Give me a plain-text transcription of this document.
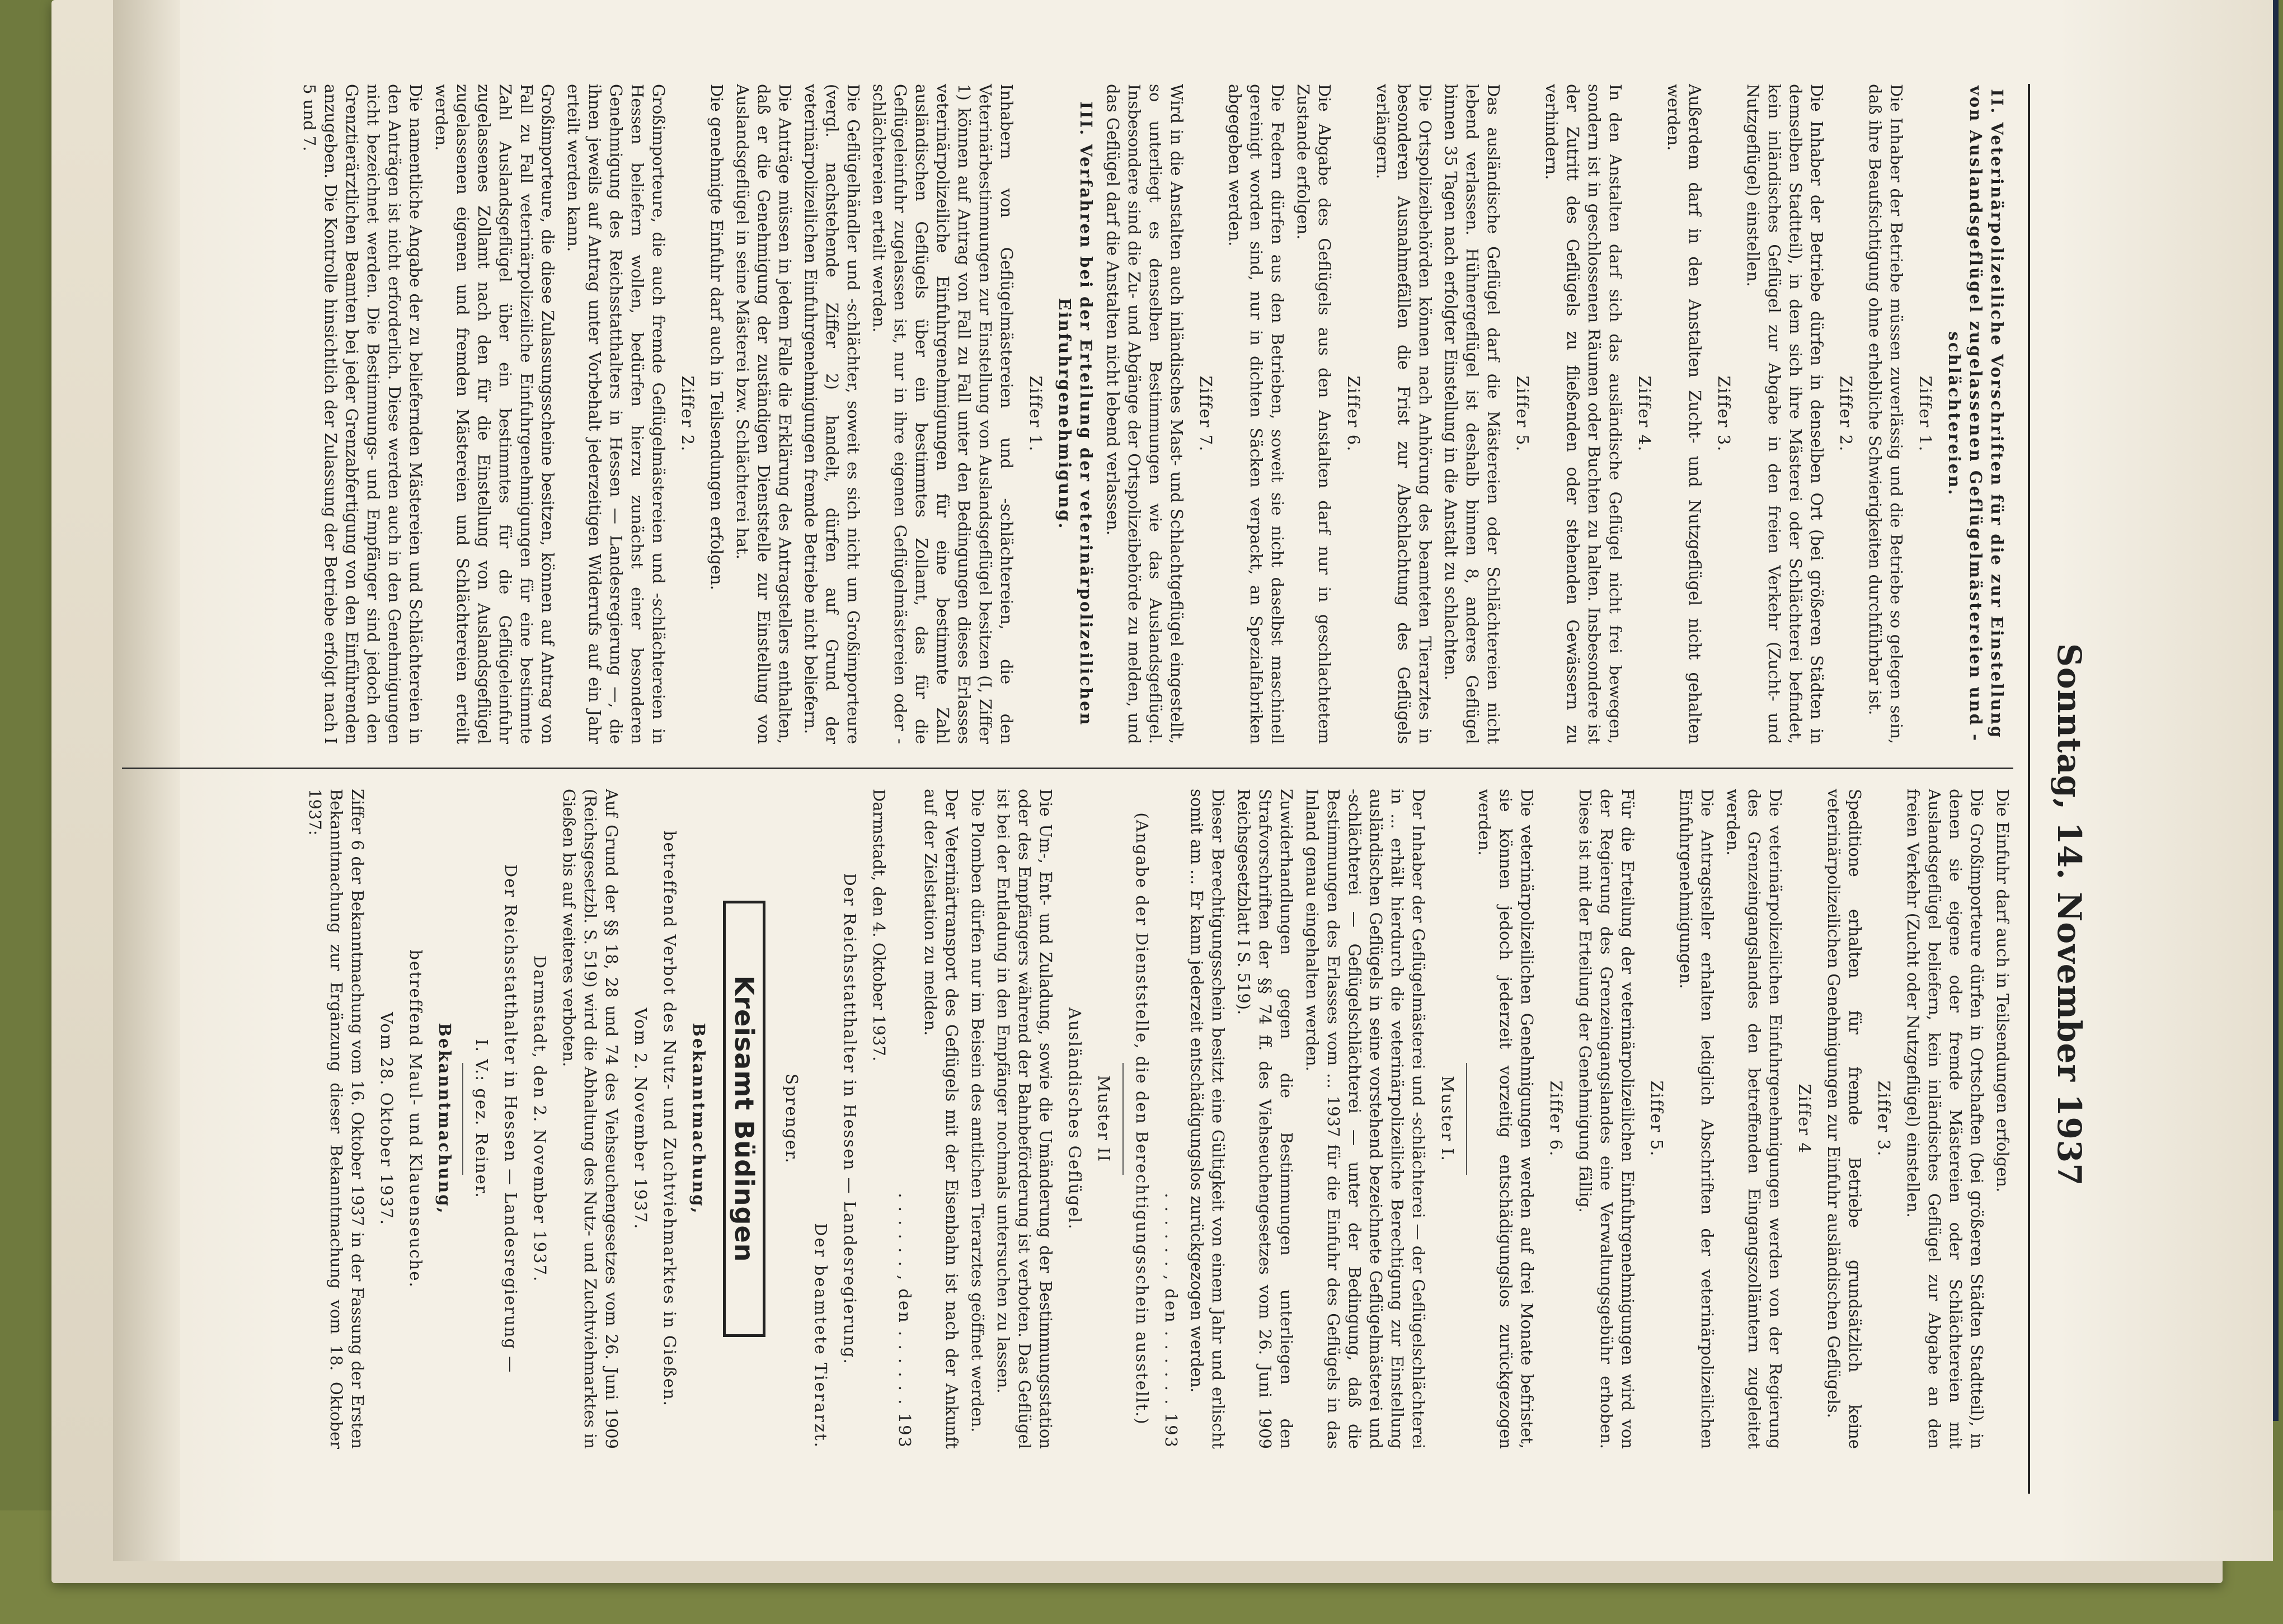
Sonntag, 14. November 1937

II. Veterinärpolizeiliche Vorschriften für die zur Einstellung von Auslandsgeflügel zugelassenen Geflügelmästereien und -schlächtereien.

Ziffer 1.

Die Inhaber der Betriebe müssen zuverlässig und die Betriebe so gelegen sein, daß ihre Beaufsichtigung ohne erhebliche Schwierigkeiten durchführbar ist.

Ziffer 2.

Die Inhaber der Betriebe dürfen in denselben Ort (bei größeren Städten in demselben Stadtteil), in dem sich ihre Mästerei oder Schlächterei befindet, kein inländisches Geflügel zur Abgabe in den freien Verkehr (Zucht- und Nutzgeflügel) einstellen.

Ziffer 3.

Außerdem darf in den Anstalten Zucht- und Nutzgeflügel nicht gehalten werden.

Ziffer 4.

In den Anstalten darf sich das ausländische Geflügel nicht frei bewegen, sondern ist in geschlossenen Räumen oder Buchten zu halten. Insbesondere ist der Zutritt des Geflügels zu fließenden oder stehenden Gewässern zu verhindern.

Ziffer 5.

Das ausländische Geflügel darf die Mästereien oder Schlächtereien nicht lebend verlassen. Hühnergeflügel ist deshalb binnen 8, anderes Geflügel binnen 35 Tagen nach erfolgter Einstellung in die Anstalt zu schlachten.

Die Ortspolizeibehörden können nach Anhörung des beamteten Tierarztes in besonderen Ausnahmefällen die Frist zur Abschlachtung des Geflügels verlängern.

Ziffer 6.

Die Abgabe des Geflügels aus den Anstalten darf nur in geschlachtetem Zustande erfolgen.

Die Federn dürfen aus den Betrieben, soweit sie nicht daselbst maschinell gereinigt worden sind, nur in dichten Säcken verpackt, an Spezialfabriken abgegeben werden.

Ziffer 7.

Wird in die Anstalten auch inländisches Mast- und Schlachtgeflügel eingestellt, so unterliegt es denselben Bestimmungen wie das Auslandsgeflügel. Insbesondere sind die Zu- und Abgänge der Ortspolizeibehörde zu melden, und das Geflügel darf die Anstalten nicht lebend verlassen.

III. Verfahren bei der Erteilung der veterinärpolizeilichen Einfuhrgenehmigung.

Ziffer 1.

Inhabern von Geflügelmästereien und -schlächtereien, die den Veterinärbestimmungen zur Einstellung von Auslandsgeflügel besitzen (I, Ziffer 1) können auf Antrag von Fall zu Fall unter den Bedingungen dieses Erlasses veterinärpolizeiliche Einfuhrgenehmigungen für eine bestimmte Zahl ausländischen Geflügels über ein bestimmtes Zollamt, das für die Geflügeleinfuhr zugelassen ist, nur in ihre eigenen Geflügelmästereien oder -schlächtereien erteilt werden.

Die Geflügelhändler und -schlächter, soweit es sich nicht um Großimporteure (vergl. nachstehende Ziffer 2) handelt, dürfen auf Grund der veterinärpolizeilichen Einfuhrgenehmigungen fremde Betriebe nicht beliefern.

Die Anträge müssen in jedem Falle die Erklärung des Antragstellers enthalten, daß er die Genehmigung der zuständigen Dienststelle zur Einstellung von Auslandsgeflügel in seine Mästerei bzw. Schlächterei hat.

Die genehmigte Einfuhr darf auch in Teilsendungen erfolgen.

Ziffer 2.

Großimporteure, die auch fremde Geflügelmästereien und -schlächtereien in Hessen beliefern wollen, bedürfen hierzu zunächst einer besonderen Genehmigung des Reichsstatthalters in Hessen — Landesregierung —, die ihnen jeweils auf Antrag unter Vorbehalt jederzeitigen Widerrufs auf ein Jahr erteilt werden kann.

Großimporteure, die diese Zulassungsscheine besitzen, können auf Antrag von Fall zu Fall veterinärpolizeiliche Einfuhrgenehmigungen für eine bestimmte Zahl Auslandsgeflügel über ein bestimmtes für die Geflügeleinfuhr zugelassenes Zollamt nach den für die Einstellung von Auslandsgeflügel zugelassenen eigenen und fremden Mästereien und Schlächtereien erteilt werden.

Die namentliche Angabe der zu beliefernden Mästereien und Schlächtereien in den Anträgen ist nicht erforderlich. Diese werden auch in den Genehmigungen nicht bezeichnet werden. Die Bestimmungs- und Empfänger sind jedoch den Grenztierärztlichen Beamten bei jeder Grenzabfertigung von den Einführenden anzugeben. Die Kontrolle hinsichtlich der Zulassung der Betriebe erfolgt nach I 5 und 7.

Die Einfuhr darf auch in Teilsendungen erfolgen.

Die Großimporteure dürfen in Ortschaften (bei größeren Städten Stadtteil), in denen sie eigene oder fremde Mästereien oder Schlächtereien mit Auslandsgeflügel beliefern, kein inländisches Geflügel zur Abgabe an den freien Verkehr (Zucht oder Nutzgeflügel) einstellen.

Ziffer 3.

Speditione erhalten für fremde Betriebe grundsätzlich keine veterinärpolizeilichen Genehmigungen zur Einfuhr ausländischen Geflügels.

Ziffer 4

Die veterinärpolizeilichen Einfuhrgenehmigungen werden von der Regierung des Grenzeingangslandes den betreffenden Eingangszollämtern zugeleitet werden.

Die Antragsteller erhalten lediglich Abschriften der veterinärpolizeilichen Einfuhrgenehmigungen.

Ziffer 5.

Für die Erteilung der veterinärpolizeilichen Einfuhrgenehmigungen wird von der Regierung des Grenzeingangslandes eine Verwaltungsgebühr erhoben. Diese ist mit der Erteilung der Genehmigung fällig.

Ziffer 6.

Die veterinärpolizeilichen Genehmigungen werden auf drei Monate befristet, sie können jedoch jederzeit vorzeitig entschädigungslos zurückgezogen werden.

Muster I.

Der Inhaber der Geflügelmästerei und -schlächterei — der Geflügelschlächterei in ... erhält hierdurch die veterinärpolizeiliche Berechtigung zur Einstellung ausländischen Geflügels in seine vorstehend bezeichnete Geflügelmästerei und -schlächterei — Geflügelschlächterei — unter der Bedingung, daß die Bestimmungen des Erlasses vom ... 1937 für die Einfuhr des Geflügels in das Inland genau eingehalten werden.

Zuwiderhandlungen gegen die Bestimmungen unterliegen den Strafvorschriften der §§ 74 ff. des Viehseuchengesetzes vom 26. Juni 1909 Reichsgesetzblatt I S. 519).

Dieser Berechtigungsschein besitzt eine Gültigkeit von einem Jahr und erlischt somit am ... Er kann jederzeit entschädigungslos zurückgezogen werden.

. . . . . . , den . . . . . . 193

(Angabe der Dienststelle, die den Berechtigungsschein ausstellt.)

Muster II

Ausländisches Geflügel.

Die Um-, Ent- und Zuladung, sowie die Umänderung der Bestimmungsstation oder des Empfängers während der Bahnbeförderung ist verboten. Das Geflügel ist bei der Entladung in den Empfänger nochmals untersuchen zu lassen.

Die Plomben dürfen nur im Beisein des amtlichen Tierarztes geöffnet werden.

Der Veterinärtransport des Geflügels mit der Eisenbahn ist nach der Ankunft auf der Zielstation zu melden.

. . . . . . , den . . . . . . 193

Darmstadt, den 4. Oktober 1937.

Der Reichsstatthalter in Hessen — Landesregierung.

Der beamtete Tierarzt.

Sprenger.

Kreisamt Büdingen

Bekanntmachung,

betreffend Verbot des Nutz- und Zuchtviehmarktes in Gießen.

Vom 2. November 1937.

Auf Grund der §§ 18, 28 und 74 des Viehseuchengesetzes vom 26. Juni 1909 (Reichsgesetzbl. S. 519) wird die Abhaltung des Nutz- und Zuchtviehmarktes in Gießen bis auf weiteres verboten.

Darmstadt, den 2. November 1937.

Der Reichsstatthalter in Hessen — Landesregierung —

I. V.: gez. Reiner.

Bekanntmachung,

betreffend Maul- und Klauenseuche.

Vom 28. Oktober 1937.

Ziffer 6 der Bekanntmachung vom 16. Oktober 1937 in der Fassung der Ersten Bekanntmachung zur Ergänzung dieser Bekanntmachung vom 18. Oktober 1937:
